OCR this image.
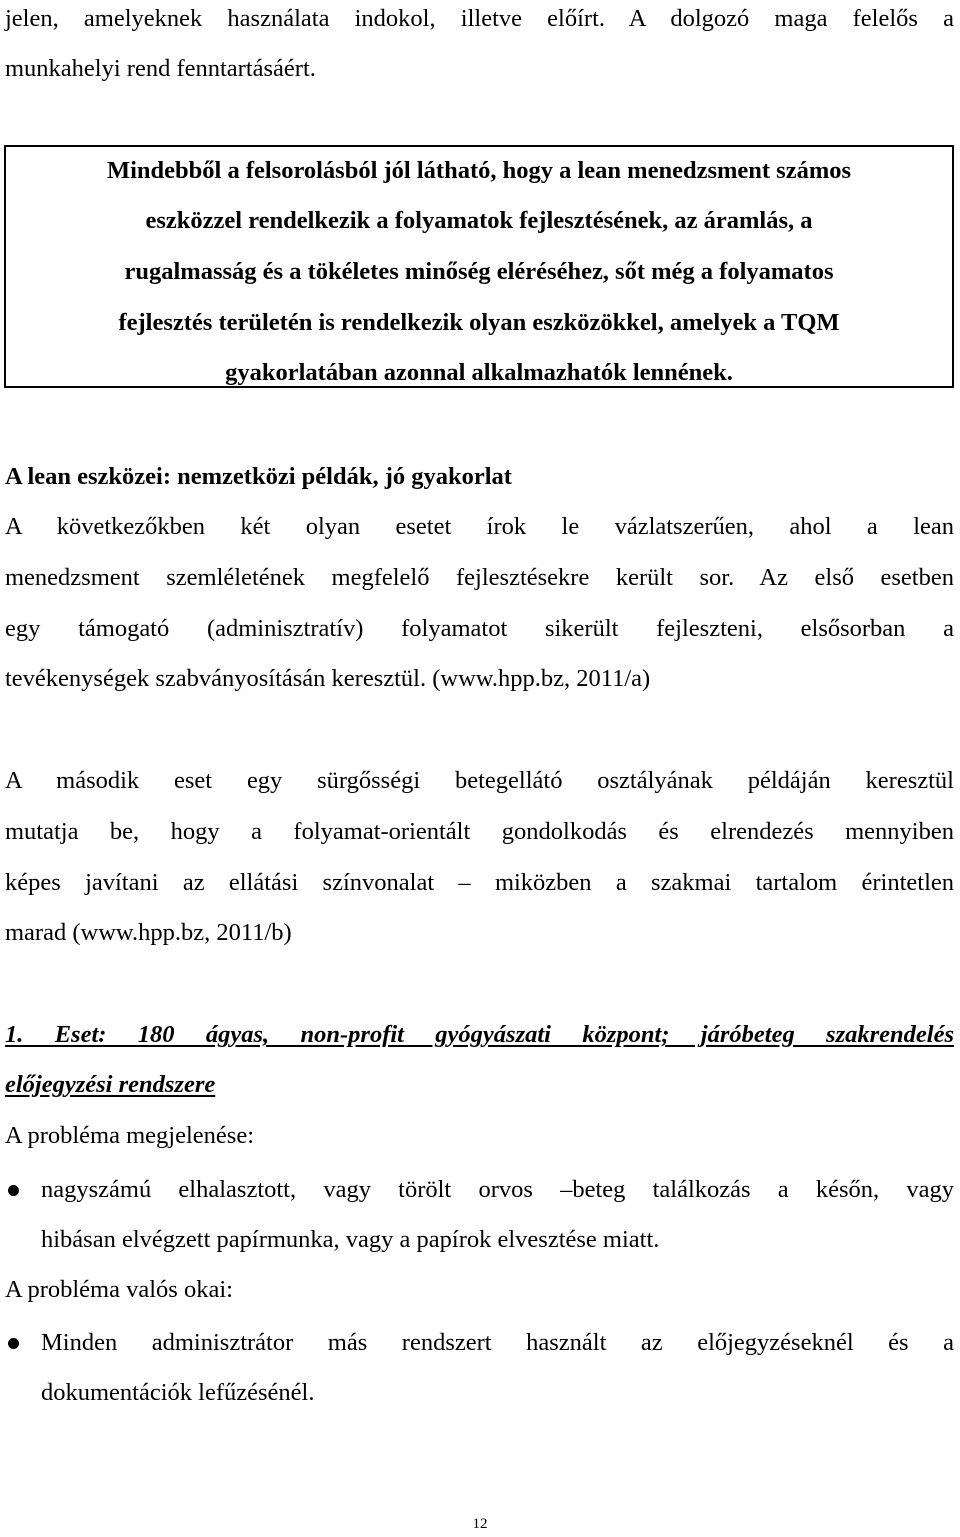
jelen, amelyeknek használata indokol, illetve előírt. A dolgozó maga felelős a
munkahelyi rend fenntartásáért.
Mindebből a felsorolásból jól látható, hogy a lean menedzsment számos
eszközzel rendelkezik a folyamatok fejlesztésének, az áramlás, a
rugalmasság és a tökéletes minőség eléréséhez, sőt még a folyamatos
fejlesztés területén is rendelkezik olyan eszközökkel, amelyek a TQM
gyakorlatában azonnal alkalmazhatók lennének.
A lean eszközei: nemzetközi példák, jó gyakorlat
A következőkben két olyan esetet írok le vázlatszerűen, ahol a lean
menedzsment szemléletének megfelelő fejlesztésekre került sor. Az első esetben
egy támogató (adminisztratív) folyamatot sikerült fejleszteni, elsősorban a
tevékenységek szabványosításán keresztül. (www.hpp.bz, 2011/a)
A második eset egy sürgősségi betegellátó osztályának példáján keresztül
mutatja be, hogy a folyamat-orientált gondolkodás és elrendezés mennyiben
képes javítani az ellátási színvonalat – miközben a szakmai tartalom érintetlen
marad (www.hpp.bz, 2011/b)
1. Eset: 180 ágyas, non-profit gyógyászati központ; járóbeteg szakrendelés
előjegyzési rendszere
A probléma megjelenése:
nagyszámú elhalasztott, vagy törölt orvos –beteg találkozás a későn, vagy
hibásan elvégzett papírmunka, vagy a papírok elvesztése miatt.
A probléma valós okai:
Minden adminisztrátor más rendszert használt az előjegyzéseknél és a
dokumentációk lefűzésénél.
12
